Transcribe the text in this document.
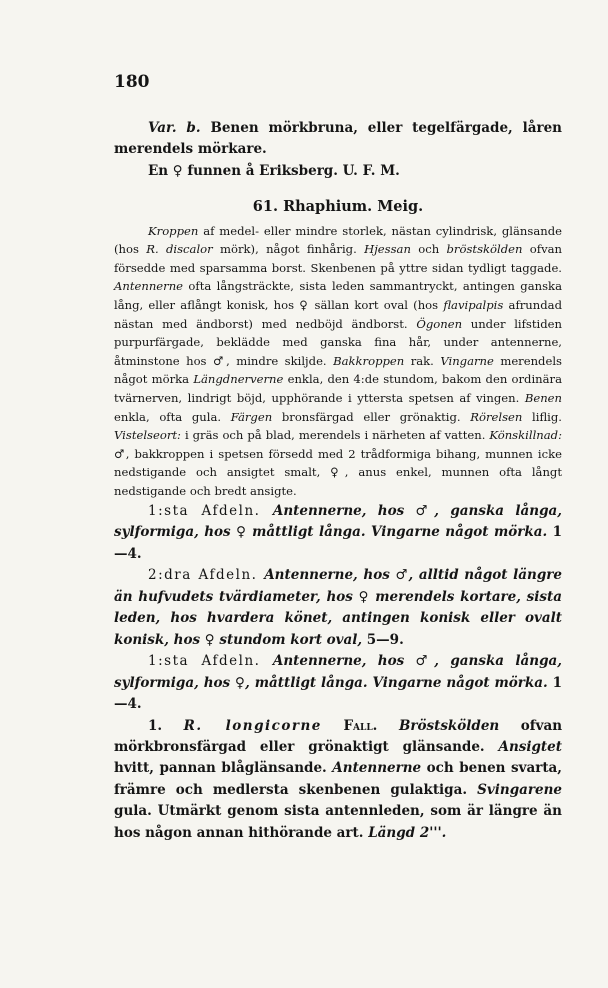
180

Var. b. Benen mörkbruna, eller tegelfärgade, låren merendels mörkare.

En ♀ funnen å Eriksberg. U. F. M.

61. Rhaphium. Meig.

Kroppen af medel- eller mindre storlek, nästan cylindrisk, glänsande (hos R. discalor mörk), något finhårig. Hjessan och bröstskölden ofvan försedde med sparsamma borst. Skenbenen på yttre sidan tydligt taggade. Antennerne ofta långsträckte, sista leden sammantryckt, antingen ganska lång, eller aflångt konisk, hos ♀ sällan kort oval (hos flavipalpis afrundad nästan med ändborst) med nedböjd ändborst. Ögonen under lifstiden purpurfärgade, beklädde med ganska fina hår, under antennerne, åtminstone hos ♂, mindre skiljde. Bakkroppen rak. Vingarne merendels något mörka Längdnerverne enkla, den 4:de stundom, bakom den ordinära tvärnerven, lindrigt böjd, upphörande i yttersta spetsen af vingen. Benen enkla, ofta gula. Färgen bronsfärgad eller grönaktig. Rörelsen liflig. Vistelseort: i gräs och på blad, merendels i närheten af vatten. Könskillnad: ♂, bakkroppen i spetsen försedd med 2 trådformiga bihang, munnen icke nedstigande och ansigtet smalt, ♀, anus enkel, munnen ofta långt nedstigande och bredt ansigte.

1:sta Afdeln. Antennerne, hos ♂, ganska långa, sylformiga, hos ♀ måttligt långa. Vingarne något mörka. 1—4.

2:dra Afdeln. Antennerne, hos ♂, alltid något längre än hufvudets tvärdiameter, hos ♀ merendels kortare, sista leden, hos hvardera könet, antingen konisk eller ovalt konisk, hos ♀ stundom kort oval, 5—9.

1:sta Afdeln. Antennerne, hos ♂, ganska långa, sylformiga, hos ♀, måttligt långa. Vingarne något mörka. 1—4.

1. R. longicorne Fall. Bröstskölden ofvan mörkbronsfärgad eller grönaktigt glänsande. Ansigtet hvitt, pannan blåglänsande. Antennerne och benen svarta, främre och medlersta skenbenen gulaktiga. Svingarene gula. Utmärkt genom sista antennleden, som är längre än hos någon annan hithörande art. Längd 2'''.
